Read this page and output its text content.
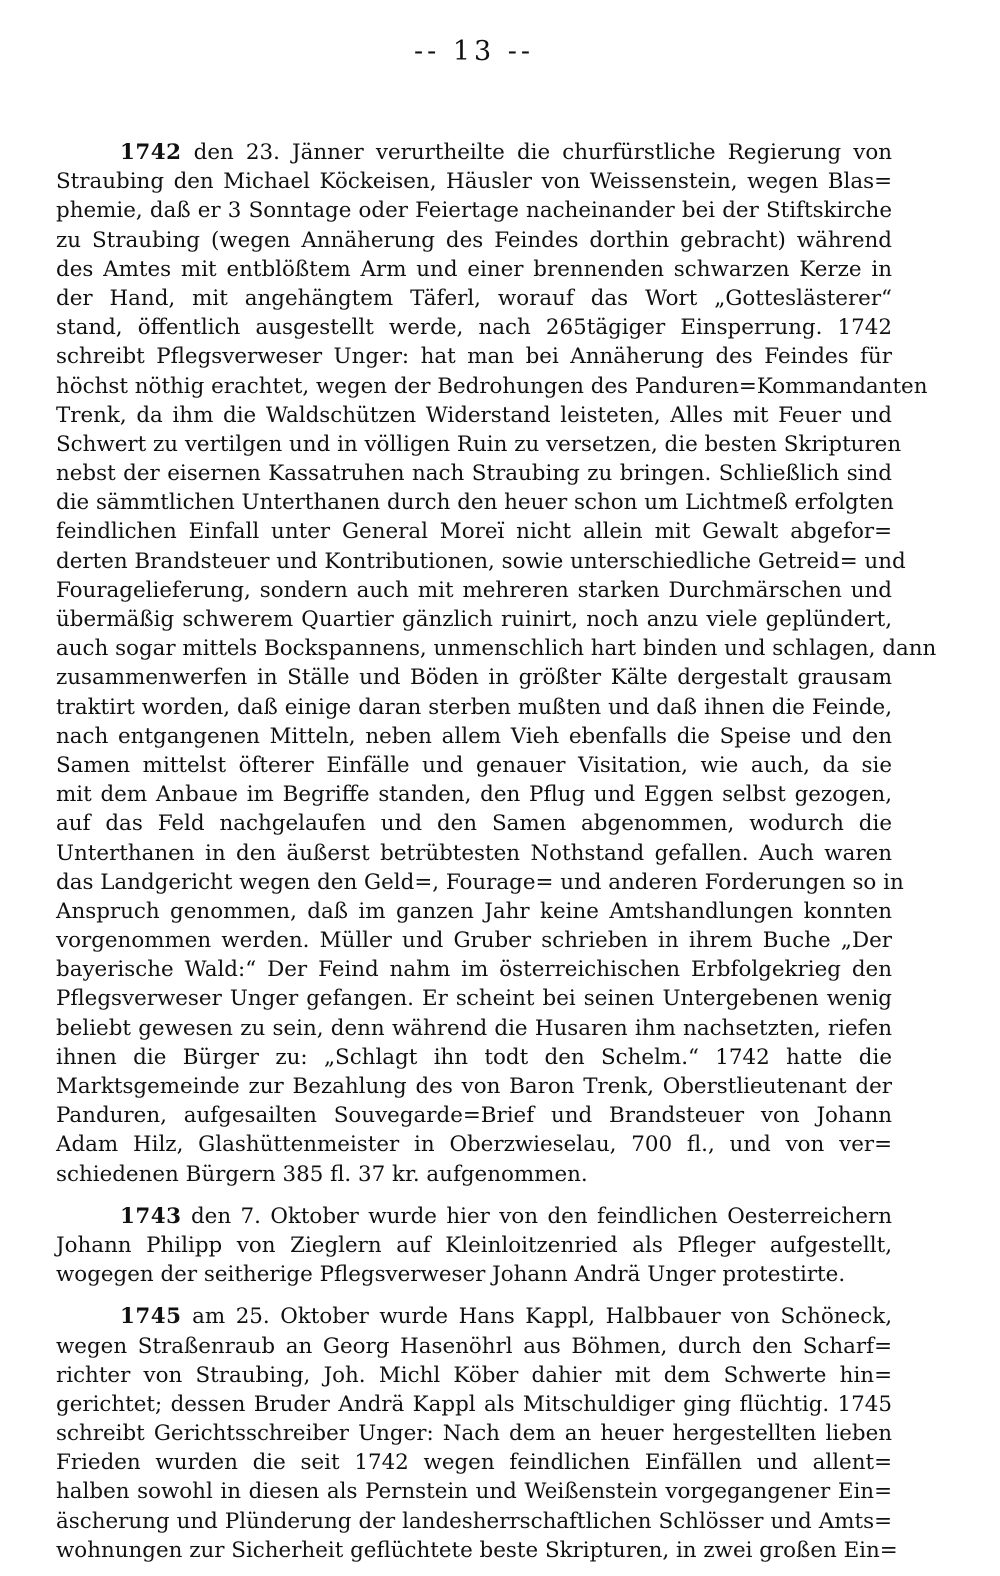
-- 13 --
1742 den 23. Jänner verurtheilte die churfürstliche Regierung von
Straubing den Michael Köckeisen, Häusler von Weissenstein, wegen Blas=
phemie, daß er 3 Sonntage oder Feiertage nacheinander bei der Stiftskirche
zu Straubing (wegen Annäherung des Feindes dorthin gebracht) während
des Amtes mit entblößtem Arm und einer brennenden schwarzen Kerze in
der Hand, mit angehängtem Täferl, worauf das Wort „Gotteslästerer“
stand, öffentlich ausgestellt werde, nach 265tägiger Einsperrung. 1742
schreibt Pflegsverweser Unger: hat man bei Annäherung des Feindes für
höchst nöthig erachtet, wegen der Bedrohungen des Panduren=Kommandanten
Trenk, da ihm die Waldschützen Widerstand leisteten, Alles mit Feuer und
Schwert zu vertilgen und in völligen Ruin zu versetzen, die besten Skripturen
nebst der eisernen Kassatruhen nach Straubing zu bringen. Schließlich sind
die sämmtlichen Unterthanen durch den heuer schon um Lichtmeß erfolgten
feindlichen Einfall unter General Moreï nicht allein mit Gewalt abgefor=
derten Brandsteuer und Kontributionen, sowie unterschiedliche Getreid= und
Fouragelieferung, sondern auch mit mehreren starken Durchmärschen und
übermäßig schwerem Quartier gänzlich ruinirt, noch anzu viele geplündert,
auch sogar mittels Bockspannens, unmenschlich hart binden und schlagen, dann
zusammenwerfen in Ställe und Böden in größter Kälte dergestalt grausam
traktirt worden, daß einige daran sterben mußten und daß ihnen die Feinde,
nach entgangenen Mitteln, neben allem Vieh ebenfalls die Speise und den
Samen mittelst öfterer Einfälle und genauer Visitation, wie auch, da sie
mit dem Anbaue im Begriffe standen, den Pflug und Eggen selbst gezogen,
auf das Feld nachgelaufen und den Samen abgenommen, wodurch die
Unterthanen in den äußerst betrübtesten Nothstand gefallen. Auch waren
das Landgericht wegen den Geld=, Fourage= und anderen Forderungen so in
Anspruch genommen, daß im ganzen Jahr keine Amtshandlungen konnten
vorgenommen werden. Müller und Gruber schrieben in ihrem Buche „Der
bayerische Wald:“ Der Feind nahm im österreichischen Erbfolgekrieg den
Pflegsverweser Unger gefangen. Er scheint bei seinen Untergebenen wenig
beliebt gewesen zu sein, denn während die Husaren ihm nachsetzten, riefen
ihnen die Bürger zu: „Schlagt ihn todt den Schelm.“ 1742 hatte die
Marktsgemeinde zur Bezahlung des von Baron Trenk, Oberstlieutenant der
Panduren, aufgesailten Souvegarde=Brief und Brandsteuer von Johann
Adam Hilz, Glashüttenmeister in Oberzwieselau, 700 fl., und von ver=
schiedenen Bürgern 385 fl. 37 kr. aufgenommen.
1743 den 7. Oktober wurde hier von den feindlichen Oesterreichern
Johann Philipp von Zieglern auf Kleinloitzenried als Pfleger aufgestellt,
wogegen der seitherige Pflegsverweser Johann Andrä Unger protestirte.
1745 am 25. Oktober wurde Hans Kappl, Halbbauer von Schöneck,
wegen Straßenraub an Georg Hasenöhrl aus Böhmen, durch den Scharf=
richter von Straubing, Joh. Michl Köber dahier mit dem Schwerte hin=
gerichtet; dessen Bruder Andrä Kappl als Mitschuldiger ging flüchtig. 1745
schreibt Gerichtsschreiber Unger: Nach dem an heuer hergestellten lieben
Frieden wurden die seit 1742 wegen feindlichen Einfällen und allent=
halben sowohl in diesen als Pernstein und Weißenstein vorgegangener Ein=
äscherung und Plünderung der landesherrschaftlichen Schlösser und Amts=
wohnungen zur Sicherheit geflüchtete beste Skripturen, in zwei großen Ein=
